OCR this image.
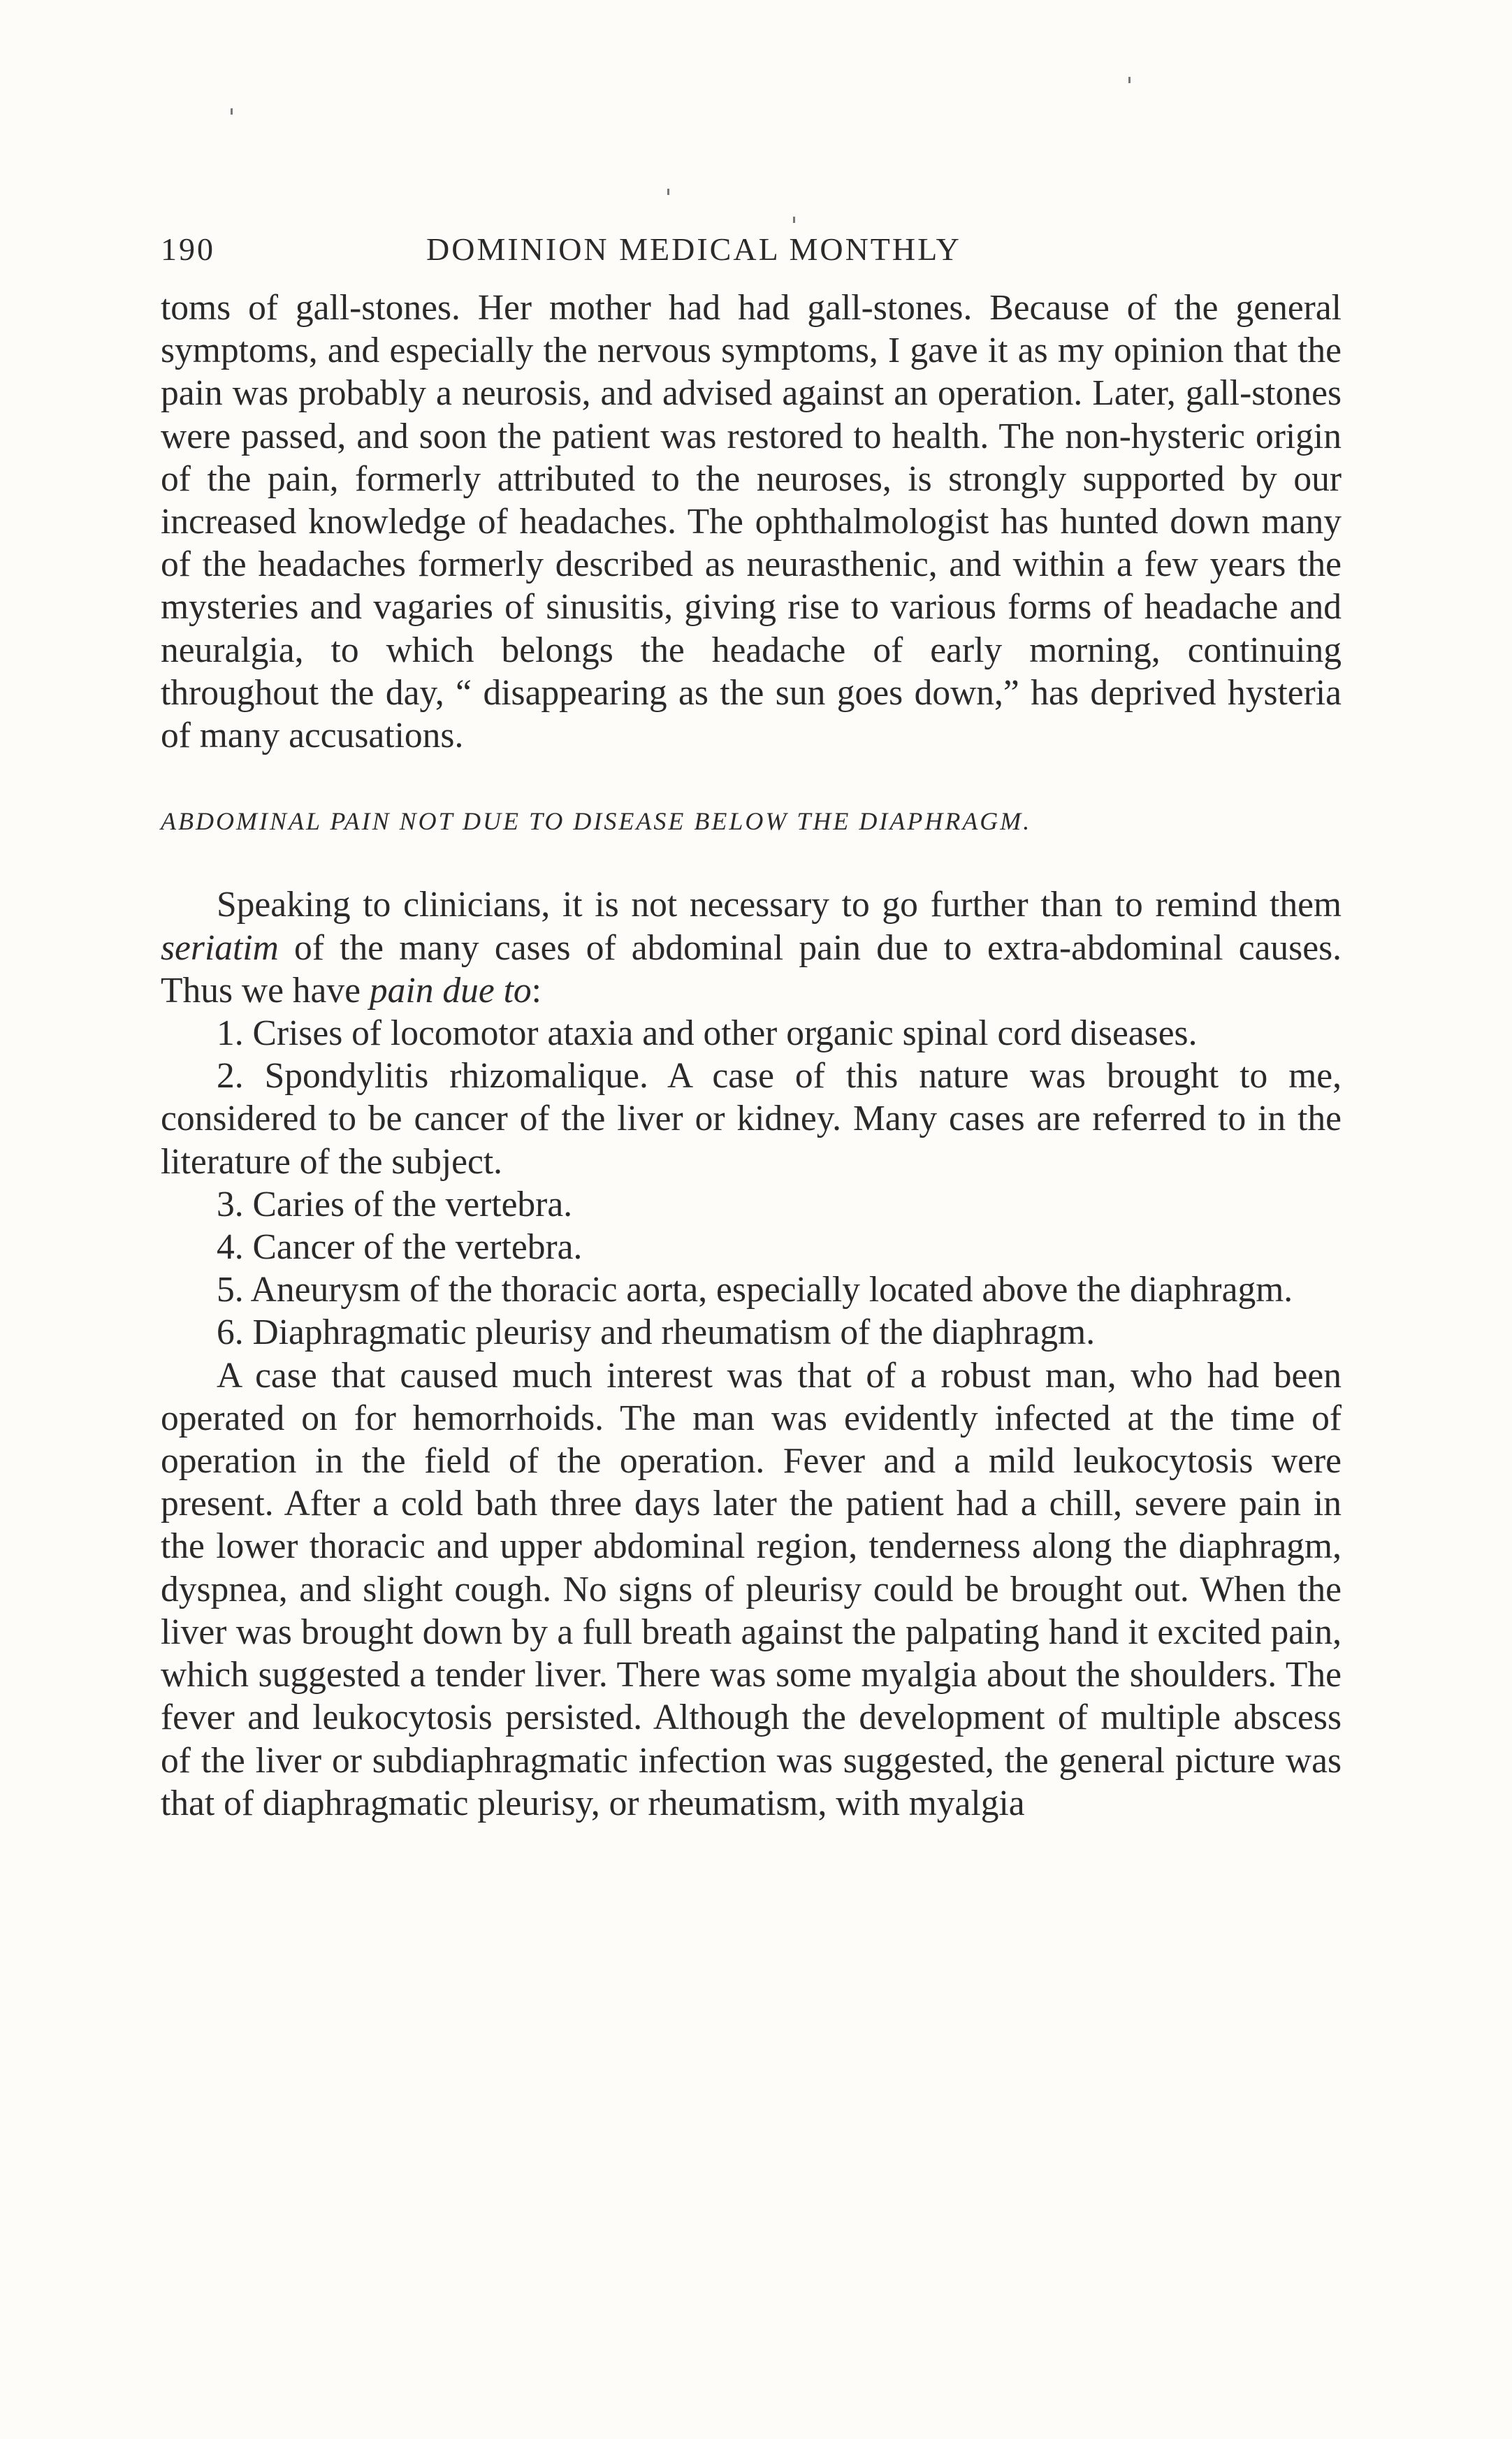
190	DOMINION MEDICAL MONTHLY

toms of gall-stones. Her mother had had gall-stones. Because of the general symptoms, and especially the nervous symptoms, I gave it as my opinion that the pain was probably a neurosis, and advised against an operation. Later, gall-stones were passed, and soon the patient was restored to health. The non-hysteric origin of the pain, formerly attributed to the neuroses, is strongly supported by our increased knowledge of headaches. The ophthalmologist has hunted down many of the headaches formerly described as neurasthenic, and within a few years the mysteries and vagaries of sinusitis, giving rise to various forms of headache and neuralgia, to which belongs the headache of early morning, continuing throughout the day, “ disappearing as the sun goes down,” has deprived hysteria of many accusations.

ABDOMINAL PAIN NOT DUE TO DISEASE BELOW THE DIAPHRAGM.

Speaking to clinicians, it is not necessary to go further than to remind them seriatim of the many cases of abdominal pain due to extra-abdominal causes. Thus we have pain due to:

1. Crises of locomotor ataxia and other organic spinal cord diseases.

2. Spondylitis rhizomalique. A case of this nature was brought to me, considered to be cancer of the liver or kidney. Many cases are referred to in the literature of the subject.

3. Caries of the vertebra.

4. Cancer of the vertebra.

5. Aneurysm of the thoracic aorta, especially located above the diaphragm.

6. Diaphragmatic pleurisy and rheumatism of the diaphragm.

A case that caused much interest was that of a robust man, who had been operated on for hemorrhoids. The man was evidently infected at the time of operation in the field of the operation. Fever and a mild leukocytosis were present. After a cold bath three days later the patient had a chill, severe pain in the lower thoracic and upper abdominal region, tenderness along the diaphragm, dyspnea, and slight cough. No signs of pleurisy could be brought out. When the liver was brought down by a full breath against the palpating hand it excited pain, which suggested a tender liver. There was some myalgia about the shoulders. The fever and leukocytosis persisted. Although the development of multiple abscess of the liver or subdiaphragmatic infection was suggested, the general picture was that of diaphragmatic pleurisy, or rheumatism, with myalgia
